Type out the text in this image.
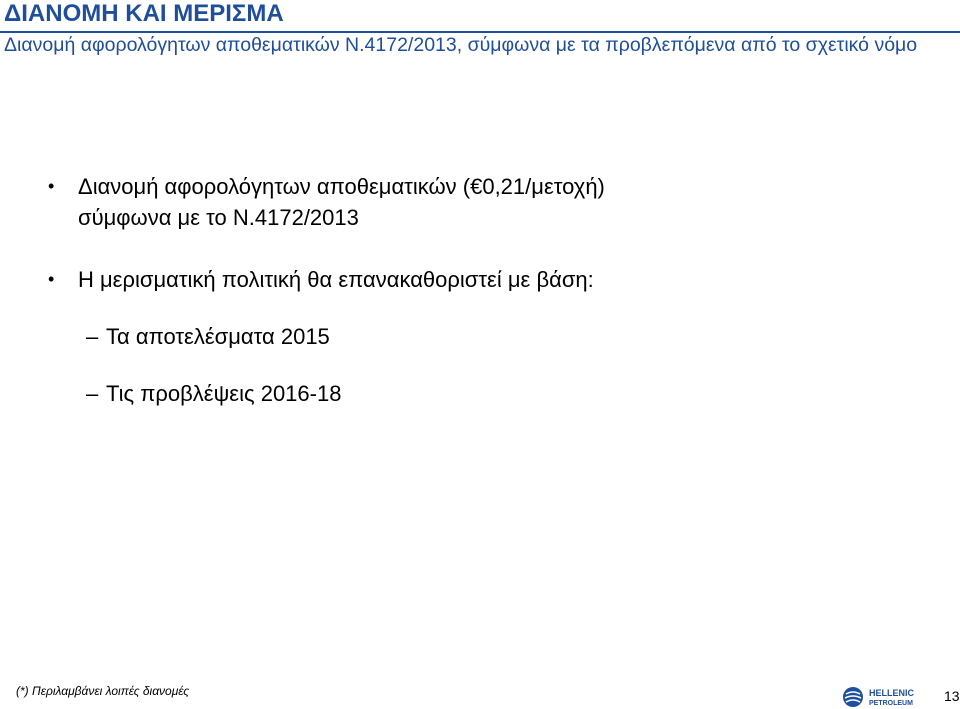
ΔΙΑΝΟΜΗ ΚΑΙ ΜΕΡΙΣΜΑ

Διανομή αφορολόγητων αποθεματικών Ν.4172/2013, σύμφωνα με τα προβλεπόμενα από το σχετικό νόμο

• Διανομή αφορολόγητων αποθεματικών (€0,21/μετοχή)
σύμφωνα με το Ν.4172/2013
• Η μερισματική πολιτική θα επανακαθοριστεί με βάση:
– Τα αποτελέσματα 2015
– Τις προβλέψεις 2016-18
(*) Περιλαμβάνει λοιπές διανομές	HELLENIC
PETROLEUM 13
